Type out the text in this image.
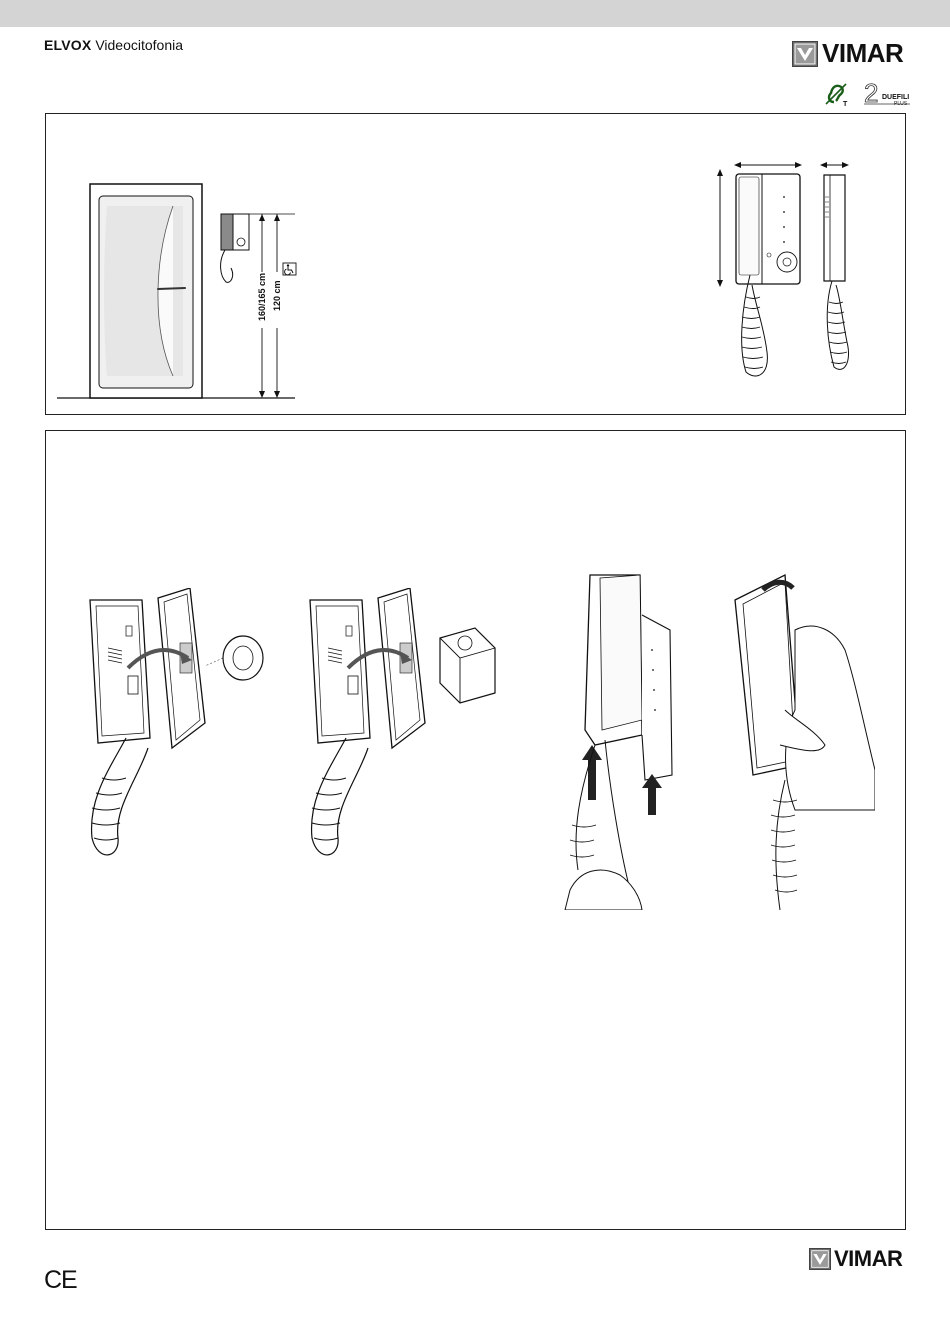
ELVOX Videocitofonia	VIMAR
T 2 DUEFILI
PLUS
160/165 cm 120 cm
CE
VIMAR
